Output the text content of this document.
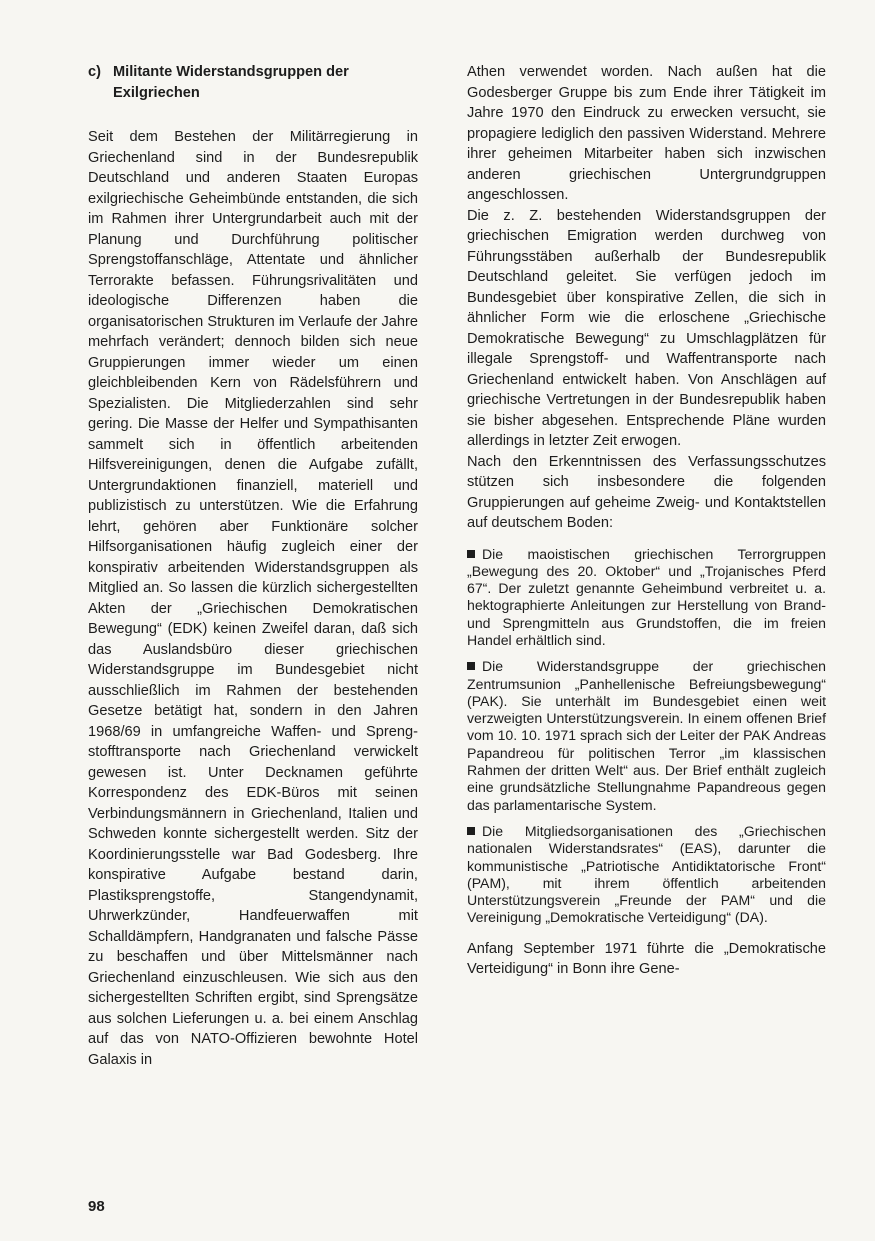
c) Militante Widerstandsgruppen der Exilgriechen

Seit dem Bestehen der Militärregierung in Griechenland sind in der Bundesrepublik Deutschland und anderen Staaten Europas exilgriechische Geheimbünde entstanden, die sich im Rahmen ihrer Untergrundarbeit auch mit der Planung und Durchführung politischer Sprengstoffanschläge, Attentate und ähnlicher Terrorakte befassen. Führungsrivalitäten und ideologische Differenzen haben die organisatorischen Strukturen im Verlaufe der Jahre mehrfach verändert; dennoch bilden sich neue Gruppierungen immer wieder um einen gleichbleibenden Kern von Rädelsführern und Spezialisten. Die Mitgliederzahlen sind sehr gering. Die Masse der Helfer und Sympathisanten sammelt sich in öffentlich arbeitenden Hilfsvereinigungen, denen die Aufgabe zufällt, Untergrundaktionen finanziell, materiell und publizistisch zu unterstützen. Wie die Erfahrung lehrt, gehören aber Funktionäre solcher Hilfsorganisationen häufig zugleich einer der konspirativ arbeitenden Widerstandsgruppen als Mitglied an. So lassen die kürzlich sichergestellten Akten der „Griechischen Demokratischen Bewegung“ (EDK) keinen Zweifel daran, daß sich das Auslandsbüro dieser griechischen Widerstandsgruppe im Bundesgebiet nicht ausschließlich im Rahmen der bestehenden Gesetze betätigt hat, sondern in den Jahren 1968/69 in umfangreiche Waffen- und Sprengstofftransporte nach Griechenland verwickelt gewesen ist. Unter Decknamen geführte Korrespondenz des EDK-Büros mit seinen Verbindungsmännern in Griechenland, Italien und Schweden konnte sichergestellt werden. Sitz der Koordinierungsstelle war Bad Godesberg. Ihre konspirative Aufgabe bestand darin, Plastiksprengstoffe, Stangendynamit, Uhrwerkzünder, Handfeuerwaffen mit Schalldämpfern, Handgranaten und falsche Pässe zu beschaffen und über Mittelsmänner nach Griechenland einzuschleusen. Wie sich aus den sichergestellten Schriften ergibt, sind Sprengsätze aus solchen Lieferungen u. a. bei einem Anschlag auf das von NATO-Offizieren bewohnte Hotel Galaxis in

Athen verwendet worden. Nach außen hat die Godesberger Gruppe bis zum Ende ihrer Tätigkeit im Jahre 1970 den Eindruck zu erwecken versucht, sie propagiere lediglich den passiven Widerstand. Mehrere ihrer geheimen Mitarbeiter haben sich inzwischen anderen griechischen Untergrundgruppen angeschlossen.

Die z. Z. bestehenden Widerstandsgruppen der griechischen Emigration werden durchweg von Führungsstäben außerhalb der Bundesrepublik Deutschland geleitet. Sie verfügen jedoch im Bundesgebiet über konspirative Zellen, die sich in ähnlicher Form wie die erloschene „Griechische Demokratische Bewegung“ zu Umschlagplätzen für illegale Sprengstoff- und Waffentransporte nach Griechenland entwickelt haben. Von Anschlägen auf griechische Vertretungen in der Bundesrepublik haben sie bisher abgesehen. Entsprechende Pläne wurden allerdings in letzter Zeit erwogen.

Nach den Erkenntnissen des Verfassungsschutzes stützen sich insbesondere die folgenden Gruppierungen auf geheime Zweig- und Kontaktstellen auf deutschem Boden:

Die maoistischen griechischen Terrorgruppen „Bewegung des 20. Oktober“ und „Trojanisches Pferd 67“. Der zuletzt genannte Geheimbund verbreitet u. a. hektographierte Anleitungen zur Herstellung von Brand- und Sprengmitteln aus Grundstoffen, die im freien Handel erhältlich sind.

Die Widerstandsgruppe der griechischen Zentrumsunion „Panhellenische Befreiungsbewegung“ (PAK). Sie unterhält im Bundesgebiet einen weit verzweigten Unterstützungsverein. In einem offenen Brief vom 10. 10. 1971 sprach sich der Leiter der PAK Andreas Papandreou für politischen Terror „im klassischen Rahmen der dritten Welt“ aus. Der Brief enthält zugleich eine grundsätzliche Stellungnahme Papandreous gegen das parlamentarische System.

Die Mitgliedsorganisationen des „Griechischen nationalen Widerstandsrates“ (EAS), darunter die kommunistische „Patriotische Antidiktatorische Front“ (PAM), mit ihrem öffentlich arbeitenden Unterstützungsverein „Freunde der PAM“ und die Vereinigung „Demokratische Verteidigung“ (DA).

Anfang September 1971 führte die „Demokratische Verteidigung“ in Bonn ihre Gene-

98
